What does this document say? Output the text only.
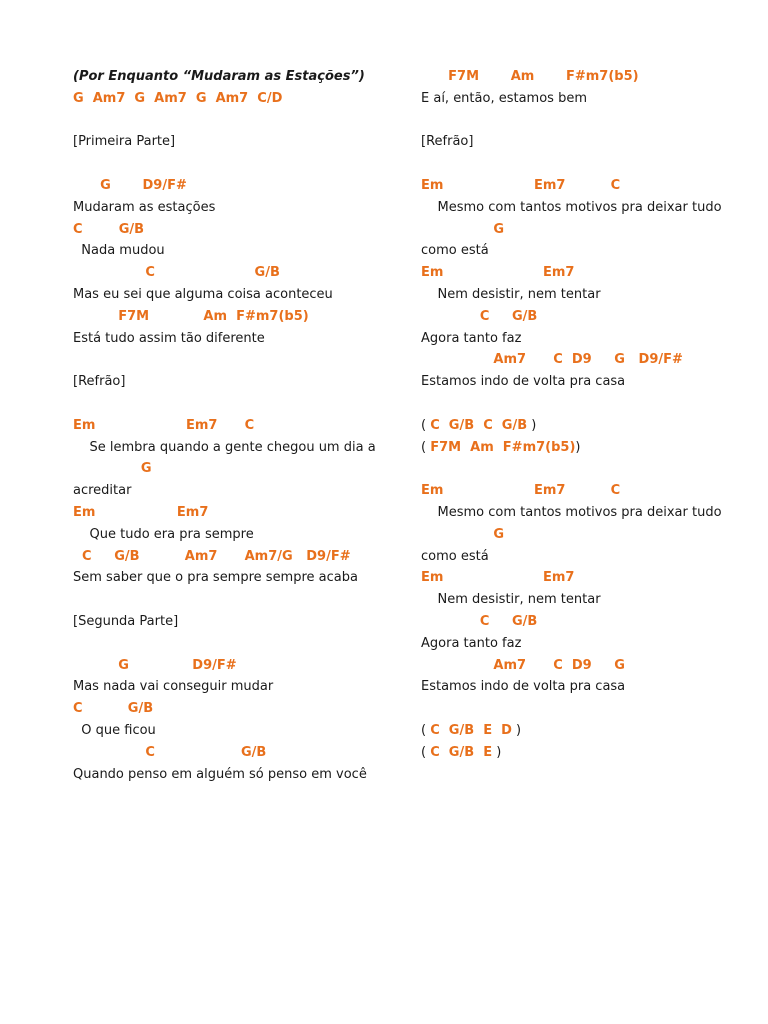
(Por Enquanto “Mudaram as Estações”)
G  Am7  G  Am7  G  Am7  C/D
[Primeira Parte]
G       D9/F#
Mudaram as estações
C        G/B
Nada mudou
C                      G/B
Mas eu sei que alguma coisa aconteceu
F7M            Am  F#m7(b5)
Está tudo assim tão diferente
[Refrão]
Em                    Em7      C
Se lembra quando a gente chegou um dia a
G
acreditar
Em                  Em7
Que tudo era pra sempre
C     G/B          Am7      Am7/G   D9/F#
Sem saber que o pra sempre sempre acaba
[Segunda Parte]
G              D9/F#
Mas nada vai conseguir mudar
C          G/B
O que ficou
C                   G/B
Quando penso em alguém só penso em você
F7M       Am       F#m7(b5)
E aí, então, estamos bem
[Refrão]
Em                    Em7          C
Mesmo com tantos motivos pra deixar tudo
G
como está
Em                      Em7
Nem desistir, nem tentar
C     G/B
Agora tanto faz
Am7      C  D9     G   D9/F#
Estamos indo de volta pra casa
( C  G/B  C  G/B )
( F7M  Am  F#m7(b5))
Em                    Em7          C
Mesmo com tantos motivos pra deixar tudo
G
como está
Em                      Em7
Nem desistir, nem tentar
C     G/B
Agora tanto faz
Am7      C  D9     G
Estamos indo de volta pra casa
( C  G/B  E  D )
( C  G/B  E )
